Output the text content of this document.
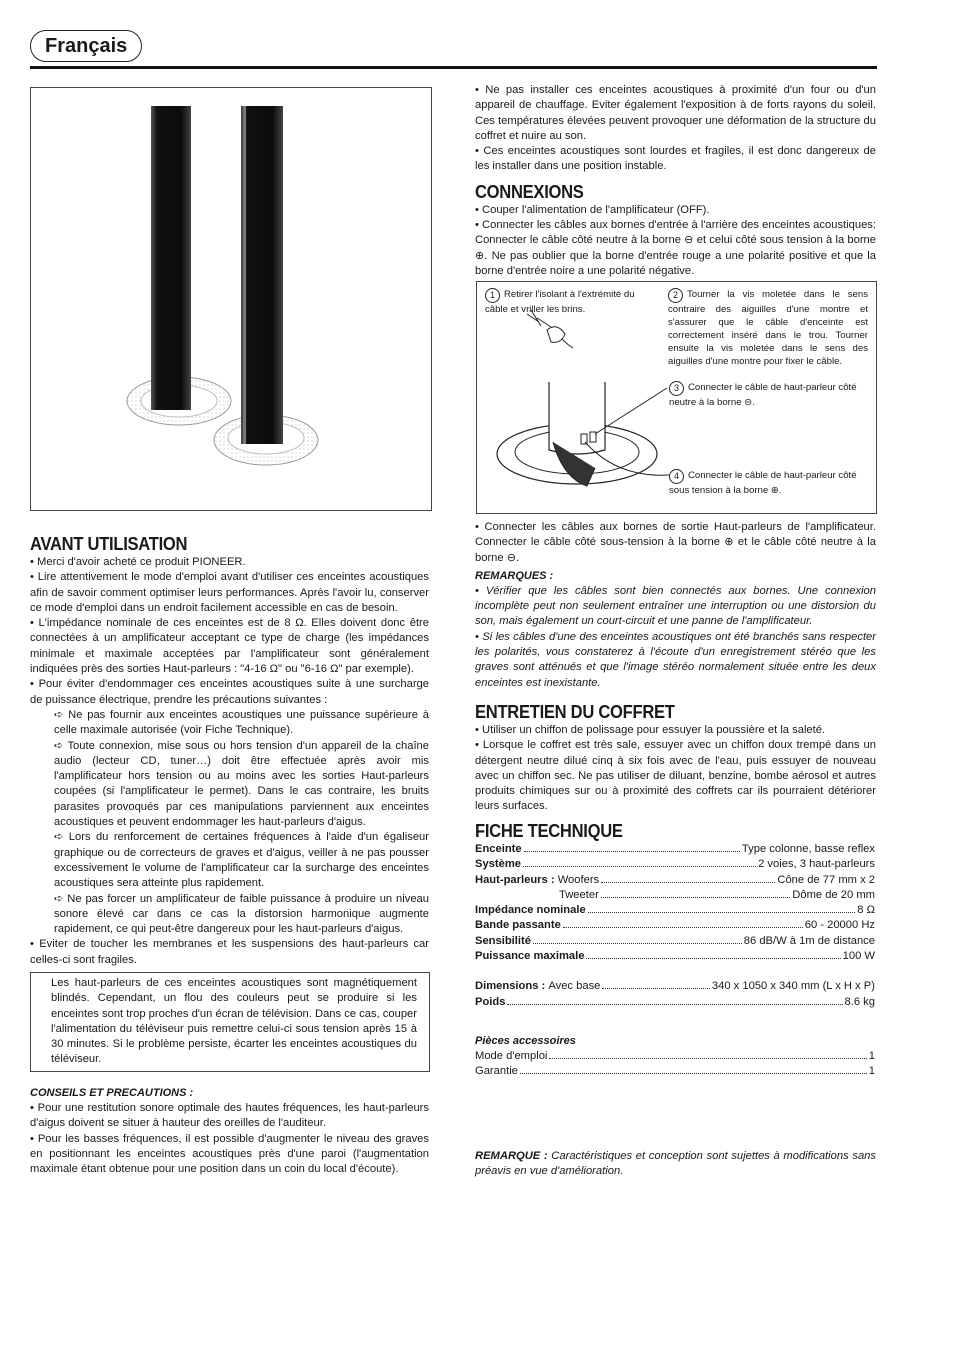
Français
AVANT UTILISATION

• Merci d'avoir acheté ce produit PIONEER.

• Lire attentivement le mode d'emploi avant d'utiliser ces enceintes acoustiques afin de savoir comment optimiser leurs performances. Après l'avoir lu, conserver ce mode d'emploi dans un endroit facilement accessible en cas de besoin.

• L'impédance nominale de ces enceintes est de 8 Ω. Elles doivent donc être connectées à un amplificateur acceptant ce type de charge (les impédances minimale et maximale acceptées par l'amplificateur sont généralement indiquées près des sorties Haut-parleurs : "4-16 Ω" ou "6-16 Ω" par exemple).

• Pour éviter d'endommager ces enceintes acoustiques suite à une surcharge de puissance électrique, prendre les précautions suivantes :

➪ Ne pas fournir aux enceintes acoustiques une puissance supérieure à celle maximale autorisée (voir Fiche Technique).

➪ Toute connexion, mise sous ou hors tension d'un appareil de la chaîne audio (lecteur CD, tuner…) doit être effectuée après avoir mis l'amplificateur hors tension ou au moins avec les sorties Haut-parleurs coupées (si l'amplificateur le permet). Dans le cas contraire, les bruits parasites provoqués par ces manipulations parviennent aux enceintes acoustiques et peuvent endommager les haut-parleurs d'aigus.

➪ Lors du renforcement de certaines fréquences à l'aide d'un égaliseur graphique ou de correcteurs de graves et d'aigus, veiller à ne pas pousser excessivement le volume de l'amplificateur car la surcharge des enceintes acoustiques sera atteinte plus rapidement.

➪ Ne pas forcer un amplificateur de faible puissance à produire un niveau sonore élevé car dans ce cas la distorsion harmonique augmente rapidement, ce qui peut-être dangereux pour les haut-parleurs d'aigus.

• Eviter de toucher les membranes et les suspensions des haut-parleurs car celles-ci sont fragiles.

Les haut-parleurs de ces enceintes acoustiques sont magnétiquement blindés. Cependant, un flou des couleurs peut se produire si les enceintes sont trop proches d'un écran de télévision. Dans ce cas, couper l'alimentation du téléviseur puis remettre celui-ci sous tension après 15 à 30 minutes. Si le problème persiste, écarter les enceintes acoustiques du téléviseur.
CONSEILS ET PRECAUTIONS :

• Pour une restitution sonore optimale des hautes fréquences, les haut-parleurs d'aigus doivent se situer à hauteur des oreilles de l'auditeur.

• Pour les basses fréquences, il est possible d'augmenter le niveau des graves en positionnant les enceintes acoustiques près d'une paroi (l'augmentation maximale étant obtenue pour une position dans un coin du local d'écoute).

• Ne pas installer ces enceintes acoustiques à proximité d'un four ou d'un appareil de chauffage. Eviter également l'exposition à de forts rayons du soleil. Ces températures élevées peuvent provoquer une déformation de la structure du coffret et nuire au son.

• Ces enceintes acoustiques sont lourdes et fragiles, il est donc dangereux de les installer dans une position instable.

CONNEXIONS

• Couper l'alimentation de l'amplificateur (OFF).

• Connecter les câbles aux bornes d'entrée à l'arrière des enceintes acoustiques: Connecter le câble côté neutre à la borne ⊖ et celui côté sous tension à la borne ⊕. Ne pas oublier que la borne d'entrée rouge a une polarité positive et que la borne d'entrée noire a une polarité négative.

1 Retirer l'isolant à l'extrémité du câble et vriller les brins.
2 Tourner la vis moletée dans le sens contraire des aiguilles d'une montre et s'assurer que le câble d'enceinte est correctement inséré dans le trou. Tourner ensuite la vis moletée dans le sens des aiguilles d'une montre pour fixer le câble.
3 Connecter le câble de haut-parleur côté neutre à la borne ⊖.
4 Connecter le câble de haut-parleur côté sous tension à la borne ⊕.

• Connecter les câbles aux bornes de sortie Haut-parleurs de l'amplificateur. Connecter le câble côté sous-tension à la borne ⊕ et le câble côté neutre à la borne ⊖.

REMARQUES :

• Vérifier que les câbles sont bien connectés aux bornes. Une connexion incomplète peut non seulement entraîner une interruption ou une distorsion du son, mais également un court-circuit et une panne de l'amplificateur.

• Si les câbles d'une des enceintes acoustiques ont été branchés sans respecter les polarités, vous constaterez à l'écoute d'un enregistrement stéréo que les graves sont atténués et que l'image stéréo normalement située entre les deux enceintes est inexistante.

ENTRETIEN DU COFFRET

• Utiliser un chiffon de polissage pour essuyer la poussière et la saleté.

• Lorsque le coffret est très sale, essuyer avec un chiffon doux trempé dans un détergent neutre dilué cinq à six fois avec de l'eau, puis essuyer de nouveau avec un chiffon sec. Ne pas utiliser de diluant, benzine, bombe aérosol et autres produits chimiques sur ou à proximité des coffrets car ils pourraient détériorer leurs surfaces.

FICHE TECHNIQUE
Enceinte	Type colonne, basse reflex
Système	2 voies, 3 haut-parleurs
Haut-parleurs :
Woofers	Cône de 77 mm x 2
Tweeter	Dôme de 20 mm
Impédance nominale	8 Ω
Bande passante	60 - 20000 Hz
Sensibilité	86 dB/W à 1m de distance
Puissance maximale	100 W
Dimensions :
Avec base	340 x 1050 x 340 mm (L x H x P)
Poids	8.6 kg
Pièces accessoires
Mode d'emploi	1
Garantie	1
REMARQUE : Caractéristiques et conception sont sujettes à modifications sans préavis en vue d'amélioration.
